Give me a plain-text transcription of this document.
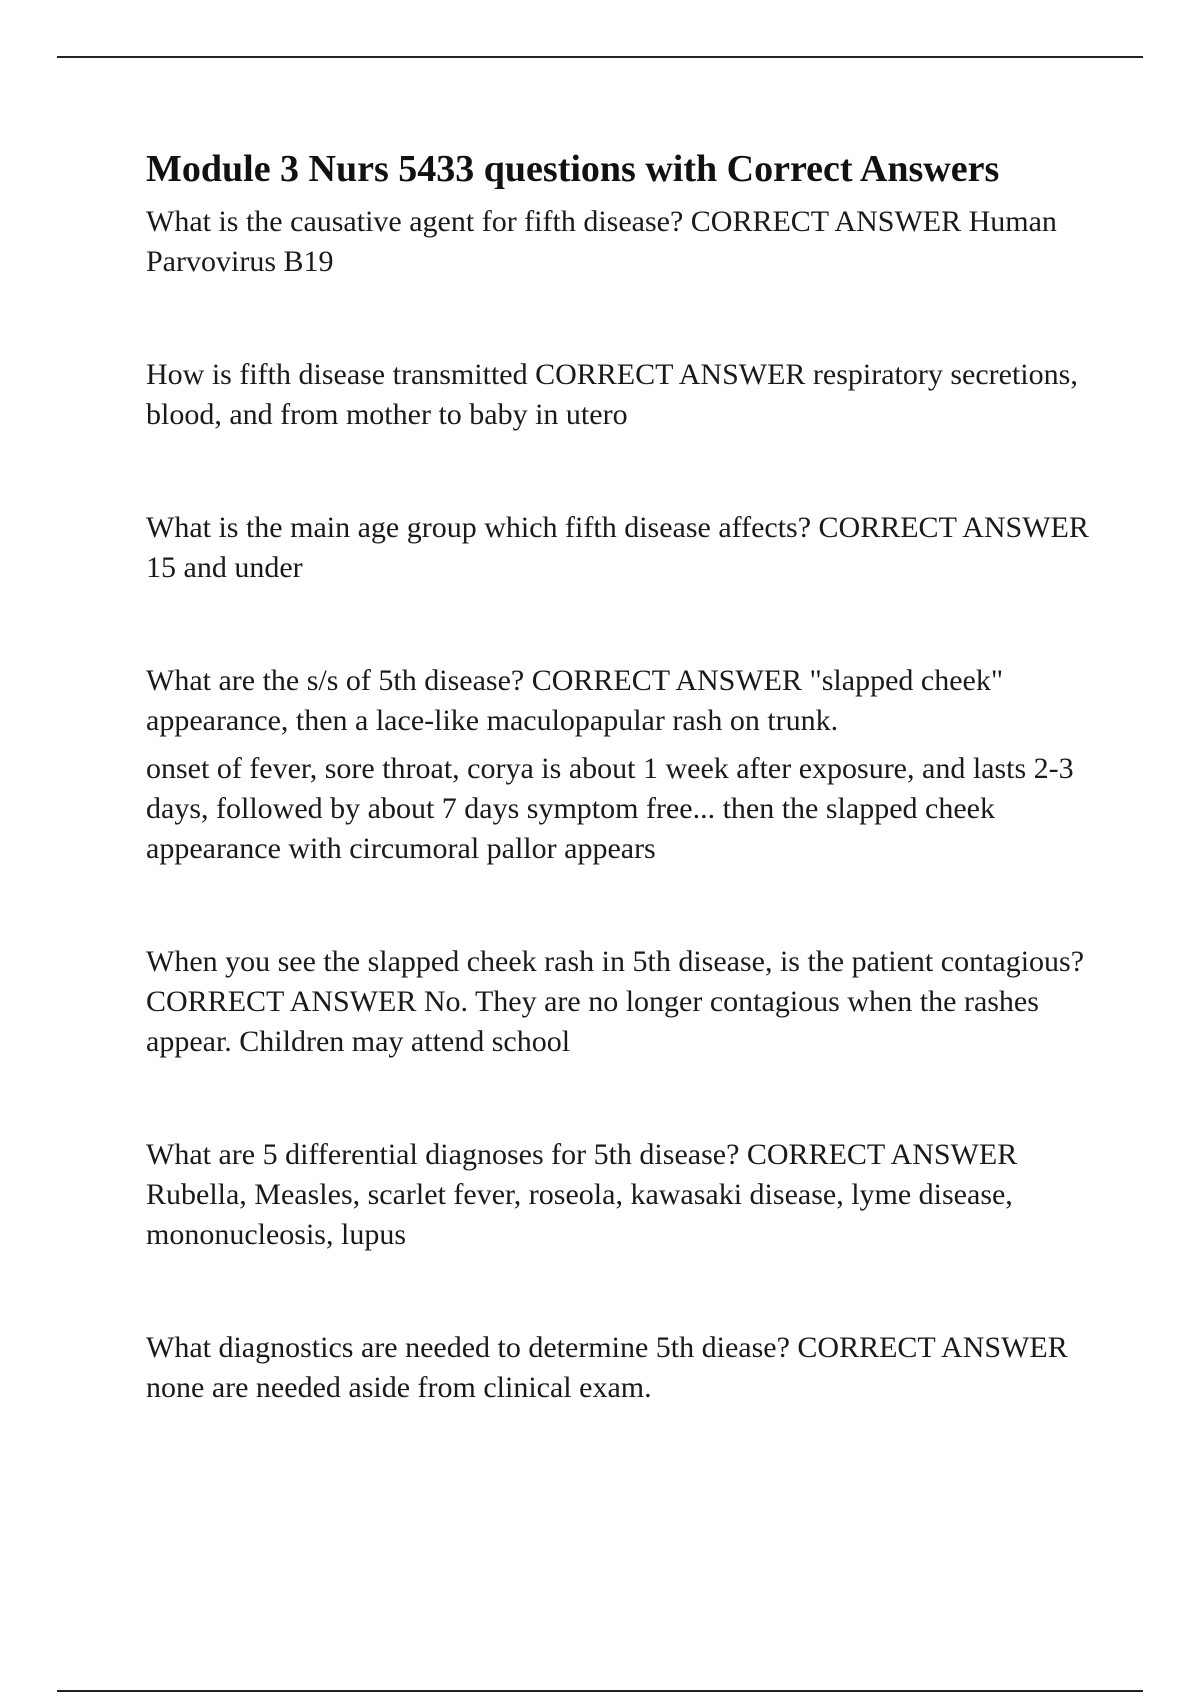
Module 3 Nurs 5433 questions with Correct Answers

What is the causative agent for fifth disease? CORRECT ANSWER Human Parvovirus B19

How is fifth disease transmitted CORRECT ANSWER respiratory secretions, blood, and from mother to baby in utero

What is the main age group which fifth disease affects? CORRECT ANSWER 15 and under

What are the s/s of 5th disease? CORRECT ANSWER "slapped cheek" appearance, then a lace-like maculopapular rash on trunk.

onset of fever, sore throat, corya is about 1 week after exposure, and lasts 2-3 days, followed by about 7 days symptom free... then the slapped cheek appearance with circumoral pallor appears

When you see the slapped cheek rash in 5th disease, is the patient contagious? CORRECT ANSWER No. They are no longer contagious when the rashes appear. Children may attend school

What are 5 differential diagnoses for 5th disease? CORRECT ANSWER Rubella, Measles, scarlet fever, roseola, kawasaki disease, lyme disease, mononucleosis, lupus

What diagnostics are needed to determine 5th diease? CORRECT ANSWER none are needed aside from clinical exam.
